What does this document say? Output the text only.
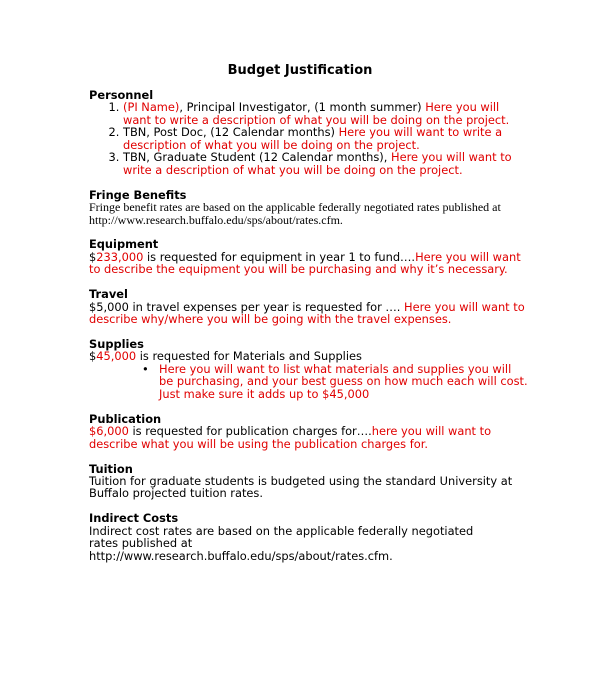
Budget Justification

Personnel

1. (PI Name), Principal Investigator, (1 month summer) Here you will want to write a description of what you will be doing on the project.
2. TBN, Post Doc, (12 Calendar months) Here you will want to write a description of what you will be doing on the project.
3. TBN, Graduate Student (12 Calendar months), Here you will want to write a description of what you will be doing on the project.

Fringe Benefits

Fringe benefit rates are based on the applicable federally negotiated rates published at http://www.research.buffalo.edu/sps/about/rates.cfm.

Equipment

$233,000 is requested for equipment in year 1 to fund….Here you will want to describe the equipment you will be purchasing and why it’s necessary.

Travel

$5,000 in travel expenses per year is requested for …. Here you will want to describe why/where you will be going with the travel expenses.

Supplies

$45,000 is requested for Materials and Supplies

• Here you will want to list what materials and supplies you will be purchasing, and your best guess on how much each will cost. Just make sure it adds up to $45,000

Publication

$6,000 is requested for publication charges for….here you will want to describe what you will be using the publication charges for.

Tuition

Tuition for graduate students is budgeted using the standard University at Buffalo projected tuition rates.

Indirect Costs

Indirect cost rates are based on the applicable federally negotiated rates published at

http://www.research.buffalo.edu/sps/about/rates.cfm.
